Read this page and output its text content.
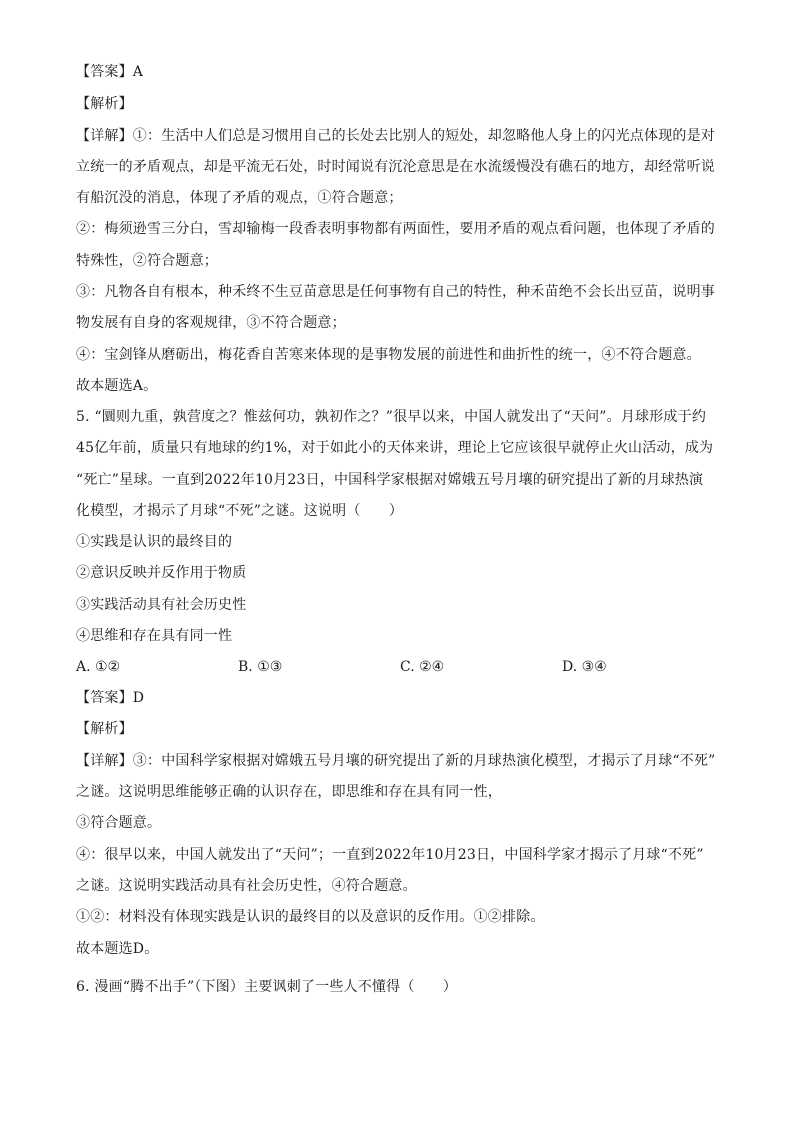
【答案】A
【解析】
【详解】①：生活中人们总是习惯用自己的长处去比别人的短处，却忽略他人身上的闪光点体现的是对
立统一的矛盾观点，却是平流无石处，时时闻说有沉沦意思是在水流缓慢没有礁石的地方，却经常听说
有船沉没的消息，体现了矛盾的观点，①符合题意；
②：梅须逊雪三分白，雪却输梅一段香表明事物都有两面性，要用矛盾的观点看问题，也体现了矛盾的
特殊性，②符合题意；
③：凡物各自有根本，种禾终不生豆苗意思是任何事物有自己的特性，种禾苗绝不会长出豆苗，说明事
物发展有自身的客观规律，③不符合题意；
④：宝剑锋从磨砺出，梅花香自苦寒来体现的是事物发展的前进性和曲折性的统一，④不符合题意。
故本题选A。
5. “圜则九重，孰营度之？惟兹何功，孰初作之？”很早以来，中国人就发出了“天问”。月球形成于约
45亿年前，质量只有地球的约1%，对于如此小的天体来讲，理论上它应该很早就停止火山活动，成为
“死亡”星球。一直到2022年10月23日，中国科学家根据对嫦娥五号月壤的研究提出了新的月球热演
化模型，才揭示了月球“不死”之谜。这说明（　　）
①实践是认识的最终目的
②意识反映并反作用于物质
③实践活动具有社会历史性
④思维和存在具有同一性
A. ①②	B. ①③	C. ②④	D. ③④
【答案】D
【解析】
【详解】③：中国科学家根据对嫦娥五号月壤的研究提出了新的月球热演化模型，才揭示了月球“不死”
之谜。这说明思维能够正确的认识存在，即思维和存在具有同一性，
③符合题意。
④：很早以来，中国人就发出了“天问”；一直到2022年10月23日，中国科学家才揭示了月球“不死”
之谜。这说明实践活动具有社会历史性，④符合题意。
①②：材料没有体现实践是认识的最终目的以及意识的反作用。①②排除。
故本题选D。
6. 漫画“腾不出手”（下图）主要讽刺了一些人不懂得（　　）
